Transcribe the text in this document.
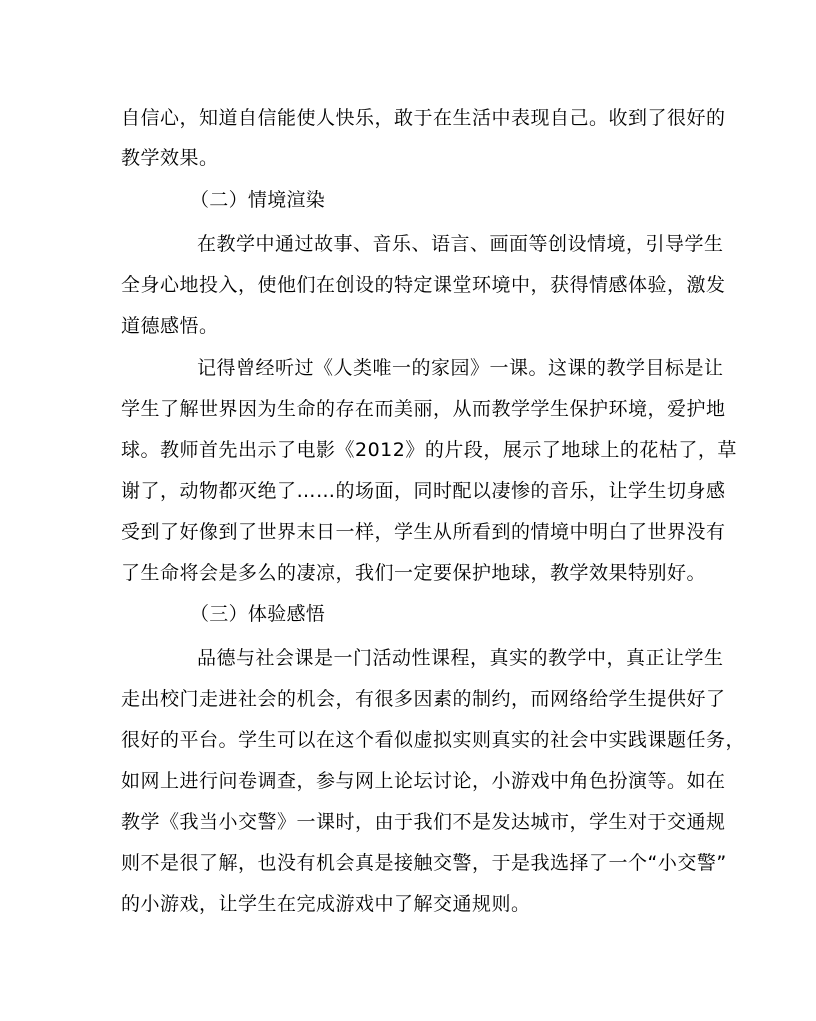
自信心，知道自信能使人快乐，敢于在生活中表现自己。收到了很好的
教学效果。
（二）情境渲染
在教学中通过故事、音乐、语言、画面等创设情境，引导学生
全身心地投入，使他们在创设的特定课堂环境中，获得情感体验，激发
道德感悟。
记得曾经听过《人类唯一的家园》一课。这课的教学目标是让
学生了解世界因为生命的存在而美丽，从而教学学生保护环境，爱护地
球。教师首先出示了电影《2012》的片段，展示了地球上的花枯了，草
谢了，动物都灭绝了……的场面，同时配以凄惨的音乐，让学生切身感
受到了好像到了世界末日一样，学生从所看到的情境中明白了世界没有
了生命将会是多么的凄凉，我们一定要保护地球，教学效果特别好。
（三）体验感悟
品德与社会课是一门活动性课程，真实的教学中，真正让学生
走出校门走进社会的机会，有很多因素的制约，而网络给学生提供好了
很好的平台。学生可以在这个看似虚拟实则真实的社会中实践课题任务，
如网上进行问卷调查，参与网上论坛讨论，小游戏中角色扮演等。如在
教学《我当小交警》一课时，由于我们不是发达城市，学生对于交通规
则不是很了解，也没有机会真是接触交警，于是我选择了一个“小交警”
的小游戏，让学生在完成游戏中了解交通规则。
